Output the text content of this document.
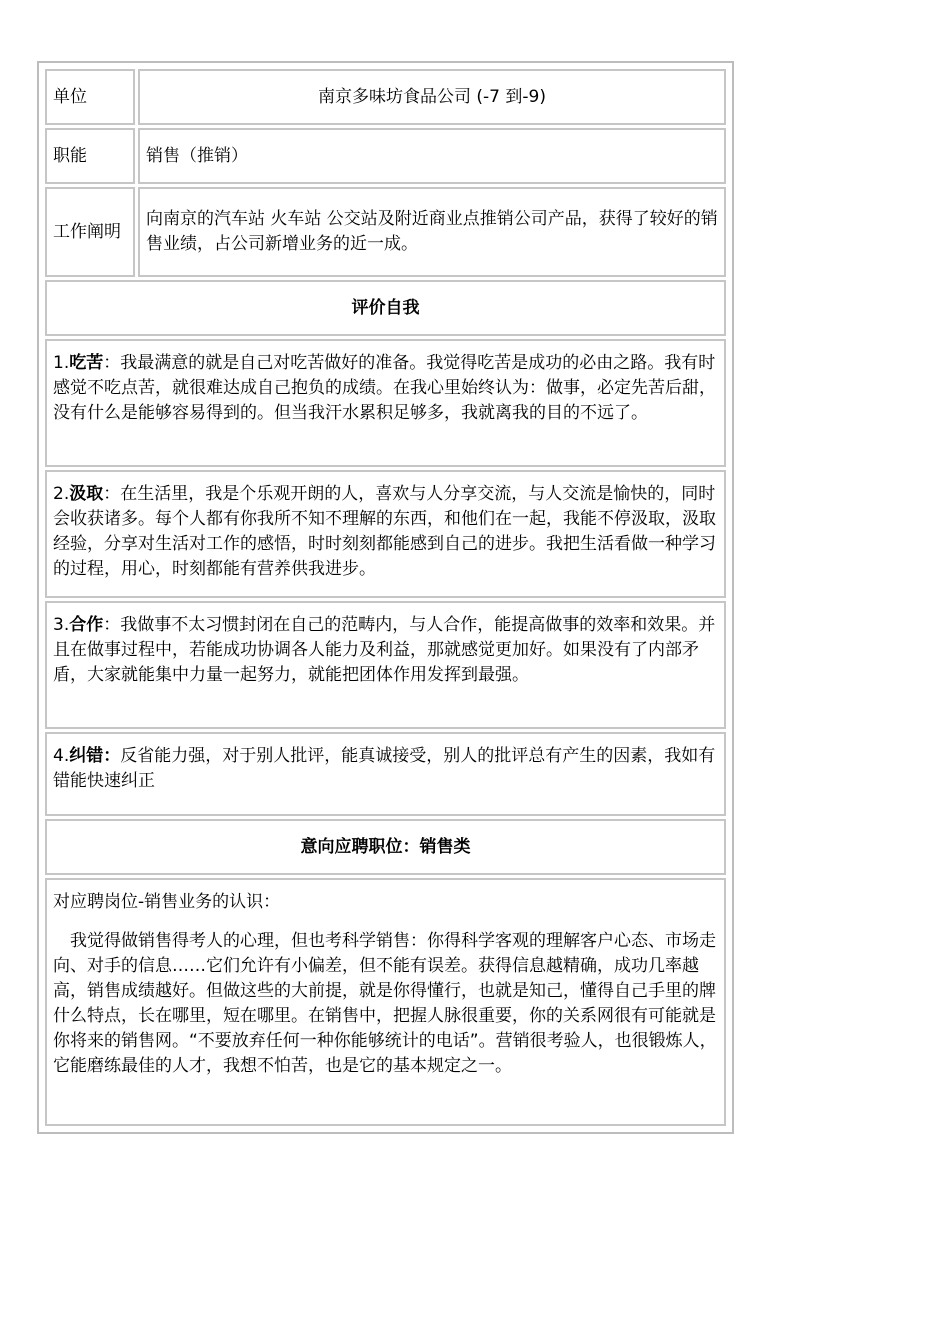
单位	南京多味坊食品公司 (-7 到-9)
职能	销售（推销）
工作阐明	向南京的汽车站 火车站 公交站及附近商业点推销公司产品，获得了较好的销售业绩，占公司新增业务的近一成。
评价自我	
1.吃苦：我最满意的就是自己对吃苦做好的准备。我觉得吃苦是成功的必由之路。我有时感觉不吃点苦，就很难达成自己抱负的成绩。在我心里始终认为：做事，必定先苦后甜，没有什么是能够容易得到的。但当我汗水累积足够多，我就离我的目的不远了。	
2.汲取：在生活里，我是个乐观开朗的人，喜欢与人分享交流，与人交流是愉快的，同时会收获诸多。每个人都有你我所不知不理解的东西，和他们在一起，我能不停汲取，汲取经验，分享对生活对工作的感悟，时时刻刻都能感到自己的进步。我把生活看做一种学习的过程，用心，时刻都能有营养供我进步。	
3.合作：我做事不太习惯封闭在自己的范畴内，与人合作，能提高做事的效率和效果。并且在做事过程中，若能成功协调各人能力及利益，那就感觉更加好。如果没有了内部矛盾，大家就能集中力量一起努力，就能把团体作用发挥到最强。	
4.纠错：反省能力强，对于别人批评，能真诚接受，别人的批评总有产生的因素，我如有错能快速纠正	
意向应聘职位：销售类	

对应聘岗位-销售业务的认识：

我觉得做销售得考人的心理，但也考科学销售：你得科学客观的理解客户心态、市场走向、对手的信息……它们允许有小偏差，但不能有误差。获得信息越精确，成功几率越高，销售成绩越好。但做这些的大前提，就是你得懂行，也就是知己，懂得自己手里的牌什么特点，长在哪里，短在哪里。在销售中，把握人脉很重要，你的关系网很有可能就是你将来的销售网。“不要放弃任何一种你能够统计的电话”。营销很考验人，也很锻炼人，它能磨练最佳的人才，我想不怕苦，也是它的基本规定之一。	
